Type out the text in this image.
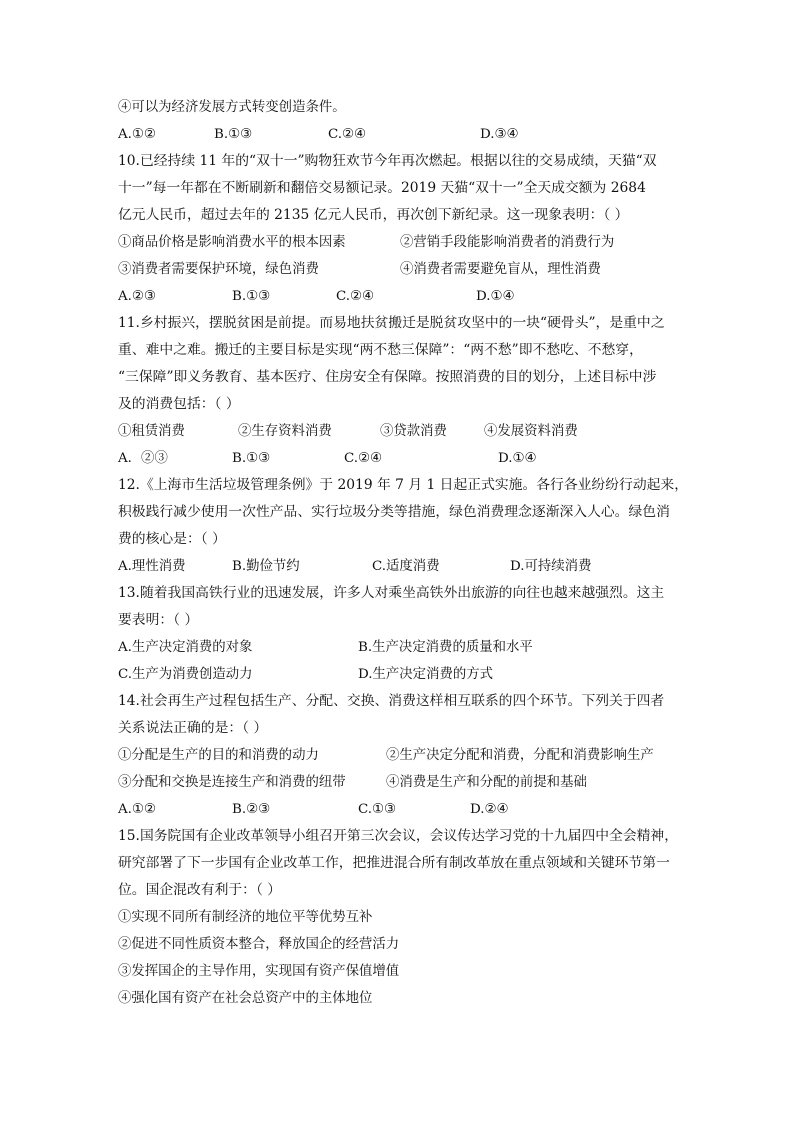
④可以为经济发展方式转变创造条件。
A.①②	B.①③	C.②④	D.③④
10.已经持续 11 年的“双十一”购物狂欢节今年再次燃起。根据以往的交易成绩，天猫“双
十一”每一年都在不断刷新和翻倍交易额记录。2019 天猫“双十一”全天成交额为 2684
亿元人民币，超过去年的 2135 亿元人民币，再次创下新纪录。这一现象表明：（ ）
①商品价格是影响消费水平的根本因素	②营销手段能影响消费者的消费行为
③消费者需要保护环境，绿色消费	④消费者需要避免盲从，理性消费
A.②③	B.①③	C.②④	D.①④
11.乡村振兴，摆脱贫困是前提。而易地扶贫搬迁是脱贫攻坚中的一块“硬骨头”，是重中之
重、难中之难。搬迁的主要目标是实现“两不愁三保障”：“两不愁”即不愁吃、不愁穿，
“三保障”即义务教育、基本医疗、住房安全有保障。按照消费的目的划分，上述目标中涉
及的消费包括：（ ）
①租赁消费	②生存资料消费	③贷款消费	④发展资料消费
A．②③	B.①③	C.②④	D.①④
12.《上海市生活垃圾管理条例》于 2019 年 7 月 1 日起正式实施。各行各业纷纷行动起来，
积极践行减少使用一次性产品、实行垃圾分类等措施，绿色消费理念逐渐深入人心。绿色消
费的核心是：（ ）
A.理性消费	B.勤俭节约	C.适度消费	D.可持续消费
13.随着我国高铁行业的迅速发展，许多人对乘坐高铁外出旅游的向往也越来越强烈。这主
要表明：（ ）
A.生产决定消费的对象	B.生产决定消费的质量和水平
C.生产为消费创造动力	D.生产决定消费的方式
14.社会再生产过程包括生产、分配、交换、消费这样相互联系的四个环节。下列关于四者
关系说法正确的是：（ ）
①分配是生产的目的和消费的动力	②生产决定分配和消费，分配和消费影响生产
③分配和交换是连接生产和消费的纽带	④消费是生产和分配的前提和基础
A.①②	B.②③	C.①③	D.②④
15.国务院国有企业改革领导小组召开第三次会议，会议传达学习党的十九届四中全会精神，
研究部署了下一步国有企业改革工作，把推进混合所有制改革放在重点领域和关键环节第一
位。国企混改有利于：（ ）
①实现不同所有制经济的地位平等优势互补
②促进不同性质资本整合，释放国企的经营活力
③发挥国企的主导作用，实现国有资产保值增值
④强化国有资产在社会总资产中的主体地位
